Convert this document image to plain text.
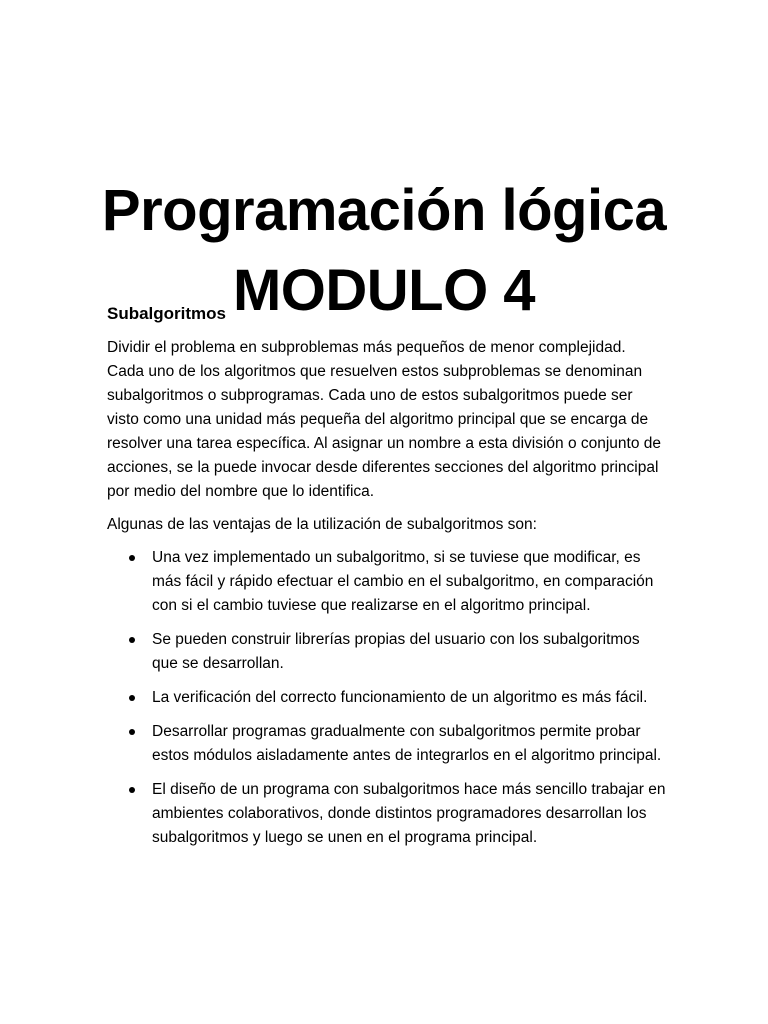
Programación lógica
MODULO 4
Subalgoritmos

Dividir el problema en subproblemas más pequeños de menor complejidad. Cada uno de los algoritmos que resuelven estos subproblemas se denominan subalgoritmos o subprogramas. Cada uno de estos subalgoritmos puede ser visto como una unidad más pequeña del algoritmo principal que se encarga de resolver una tarea específica. Al asignar un nombre a esta división o conjunto de acciones, se la puede invocar desde diferentes secciones del algoritmo principal por medio del nombre que lo identifica.

Algunas de las ventajas de la utilización de subalgoritmos son:

Una vez implementado un subalgoritmo, si se tuviese que modificar, es más fácil y rápido efectuar el cambio en el subalgoritmo, en comparación con si el cambio tuviese que realizarse en el algoritmo principal.
Se pueden construir librerías propias del usuario con los subalgoritmos que se desarrollan.
La verificación del correcto funcionamiento de un algoritmo es más fácil.
Desarrollar programas gradualmente con subalgoritmos permite probar estos módulos aisladamente antes de integrarlos en el algoritmo principal.
El diseño de un programa con subalgoritmos hace más sencillo trabajar en ambientes colaborativos, donde distintos programadores desarrollan los subalgoritmos y luego se unen en el programa principal.
